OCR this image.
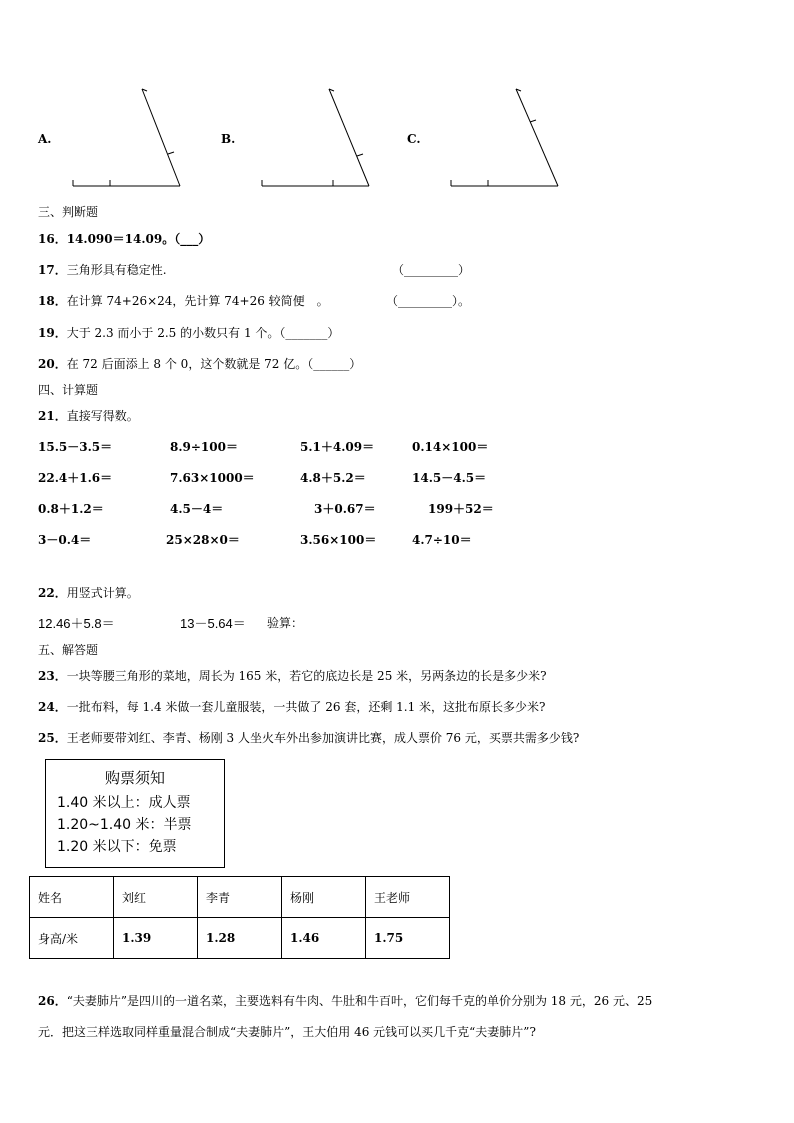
A.	B.	C.
三、判断题
16．14.090＝14.09。（___）
17．三角形具有稳定性.	（_________）
18．在计算 74+26×24，先计算 74+26 较简便　。	（_________）。
19．大于 2.3 而小于 2.5 的小数只有 1 个。（_______）
20．在 72 后面添上 8 个 0，这个数就是 72 亿。（______）
四、计算题
21．直接写得数。
15.5－3.5＝	8.9÷100＝	5.1＋4.09＝	0.14×100＝
22.4＋1.6＝	7.63×1000＝	4.8＋5.2＝	14.5－4.5＝
0.8＋1.2＝	4.5－4＝	3＋0.67＝	199＋52＝
3－0.4＝	25×28×0＝	3.56×100＝	4.7÷10＝
22．用竖式计算。
12.46＋5.8＝	13－5.64＝ 验算：
五、解答题
23．一块等腰三角形的菜地，周长为 165 米，若它的底边长是 25 米，另两条边的长是多少米?
24．一批布料，每 1.4 米做一套儿童服装，一共做了 26 套，还剩 1.1 米，这批布原长多少米?
25．王老师要带刘红、李青、杨刚 3 人坐火车外出参加演讲比赛，成人票价 76 元，买票共需多少钱?
购票须知
1.40 米以上：成人票
1.20~1.40 米：半票
1.20 米以下：免票
姓名	刘红	李青	杨刚	王老师
身高/米	1.39	1.28	1.46	1.75
26．“夫妻肺片”是四川的一道名菜，主要选料有牛肉、牛肚和牛百叶，它们每千克的单价分别为 18 元，26 元、25
元．把这三样选取同样重量混合制成“夫妻肺片”，王大伯用 46 元钱可以买几千克“夫妻肺片”?
